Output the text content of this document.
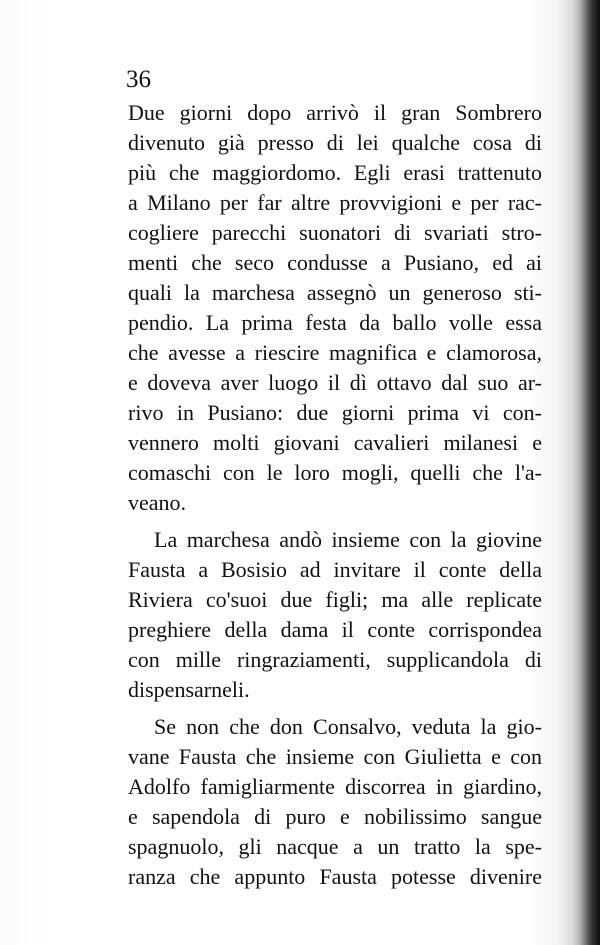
36
Due giorni dopo arrivò il gran Sombrero
divenuto già presso di lei qualche cosa di
più che maggiordomo. Egli erasi trattenuto
a Milano per far altre provvigioni e per rac-
cogliere parecchi suonatori di svariati stro-
menti che seco condusse a Pusiano, ed ai
quali la marchesa assegnò un generoso sti-
pendio. La prima festa da ballo volle essa
che avesse a riescire magnifica e clamorosa,
e doveva aver luogo il dì ottavo dal suo ar-
rivo in Pusiano: due giorni prima vi con-
vennero molti giovani cavalieri milanesi e
comaschi con le loro mogli, quelli che l'a-
veano.
La marchesa andò insieme con la giovine
Fausta a Bosisio ad invitare il conte della
Riviera co'suoi due figli; ma alle replicate
preghiere della dama il conte corrispondea
con mille ringraziamenti, supplicandola di
dispensarneli.
Se non che don Consalvo, veduta la gio-
vane Fausta che insieme con Giulietta e con
Adolfo famigliarmente discorrea in giardino,
e sapendola di puro e nobilissimo sangue
spagnuolo, gli nacque a un tratto la spe-
ranza che appunto Fausta potesse divenire
